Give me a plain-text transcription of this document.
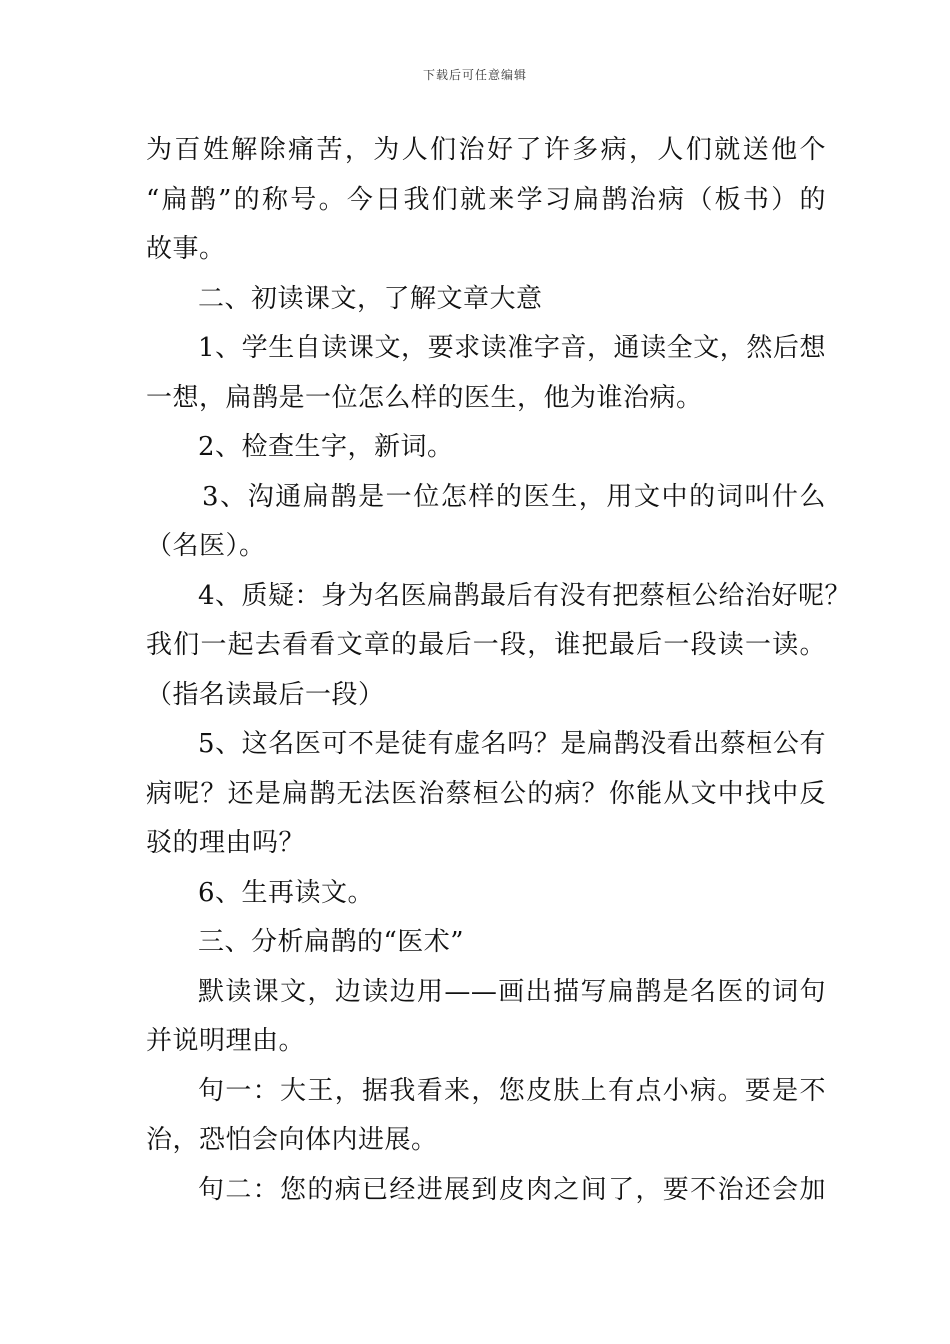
下载后可任意编辑
为百姓解除痛苦，为人们治好了许多病，人们就送他个
“扁鹊”的称号。今日我们就来学习扁鹊治病（板书）的
故事。
二、初读课文，了解文章大意
1、学生自读课文，要求读准字音，通读全文，然后想
一想，扁鹊是一位怎么样的医生，他为谁治病。
2、检查生字，新词。
3、沟通扁鹊是一位怎样的医生，用文中的词叫什么
（名医）。
4、质疑：身为名医扁鹊最后有没有把蔡桓公给治好呢？
我们一起去看看文章的最后一段，谁把最后一段读一读。
（指名读最后一段）
5、这名医可不是徒有虚名吗？是扁鹊没看出蔡桓公有
病呢？还是扁鹊无法医治蔡桓公的病？你能从文中找中反
驳的理由吗？
6、生再读文。
三、分析扁鹊的“医术”
默读课文，边读边用——画出描写扁鹊是名医的词句
并说明理由。
句一：大王，据我看来，您皮肤上有点小病。要是不
治，恐怕会向体内进展。
句二：您的病已经进展到皮肉之间了，要不治还会加
